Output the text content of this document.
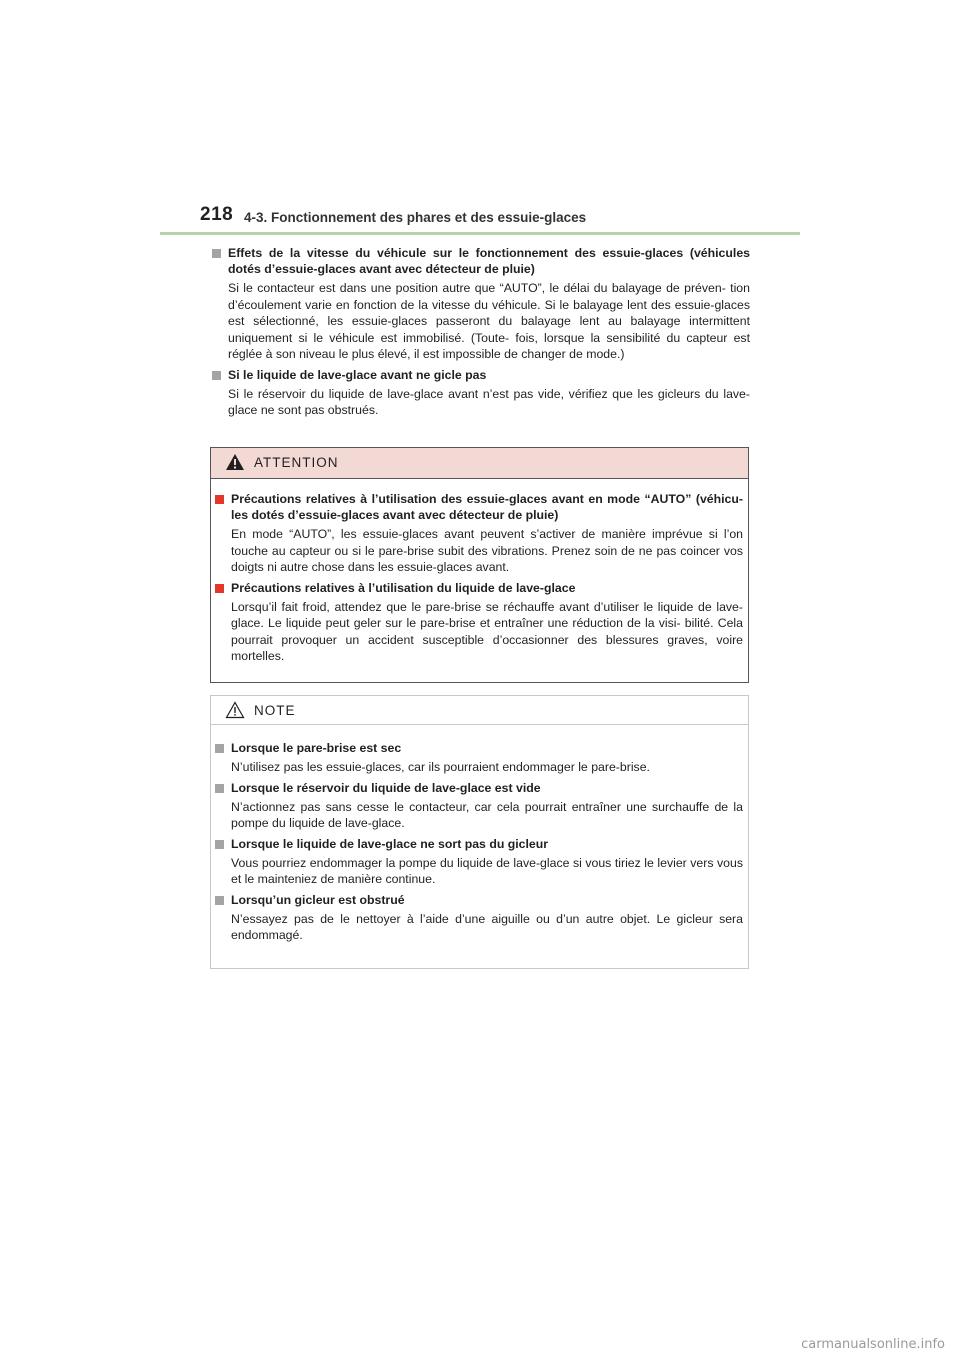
218 4-3. Fonctionnement des phares et des essuie-glaces
Effets de la vitesse du véhicule sur le fonctionnement des essuie-glaces (véhicules dotés d’essuie-glaces avant avec détecteur de pluie)
Si le contacteur est dans une position autre que “AUTO”, le délai du balayage de préven- tion d’écoulement varie en fonction de la vitesse du véhicule. Si le balayage lent des essuie-glaces est sélectionné, les essuie-glaces passeront du balayage lent au balayage intermittent uniquement si le véhicule est immobilisé. (Toute- fois, lorsque la sensibilité du capteur est réglée à son niveau le plus élevé, il est impossible de changer de mode.)
Si le liquide de lave-glace avant ne gicle pas
Si le réservoir du liquide de lave-glace avant n’est pas vide, vérifiez que les gicleurs du lave-glace ne sont pas obstrués.
ATTENTION
Précautions relatives à l’utilisation des essuie-glaces avant en mode “AUTO” (véhicu- les dotés d’essuie-glaces avant avec détecteur de pluie)
En mode “AUTO”, les essuie-glaces avant peuvent s’activer de manière imprévue si l’on touche au capteur ou si le pare-brise subit des vibrations. Prenez soin de ne pas coincer vos doigts ni autre chose dans les essuie-glaces avant.
Précautions relatives à l’utilisation du liquide de lave-glace
Lorsqu’il fait froid, attendez que le pare-brise se réchauffe avant d’utiliser le liquide de lave-glace. Le liquide peut geler sur le pare-brise et entraîner une réduction de la visi- bilité. Cela pourrait provoquer un accident susceptible d’occasionner des blessures graves, voire mortelles.
NOTE
Lorsque le pare-brise est sec
N’utilisez pas les essuie-glaces, car ils pourraient endommager le pare-brise.
Lorsque le réservoir du liquide de lave-glace est vide
N’actionnez pas sans cesse le contacteur, car cela pourrait entraîner une surchauffe de la pompe du liquide de lave-glace.
Lorsque le liquide de lave-glace ne sort pas du gicleur
Vous pourriez endommager la pompe du liquide de lave-glace si vous tiriez le levier vers vous et le mainteniez de manière continue.
Lorsqu’un gicleur est obstrué
N’essayez pas de le nettoyer à l’aide d’une aiguille ou d’un autre objet. Le gicleur sera endommagé.
carmanualsonline.info
